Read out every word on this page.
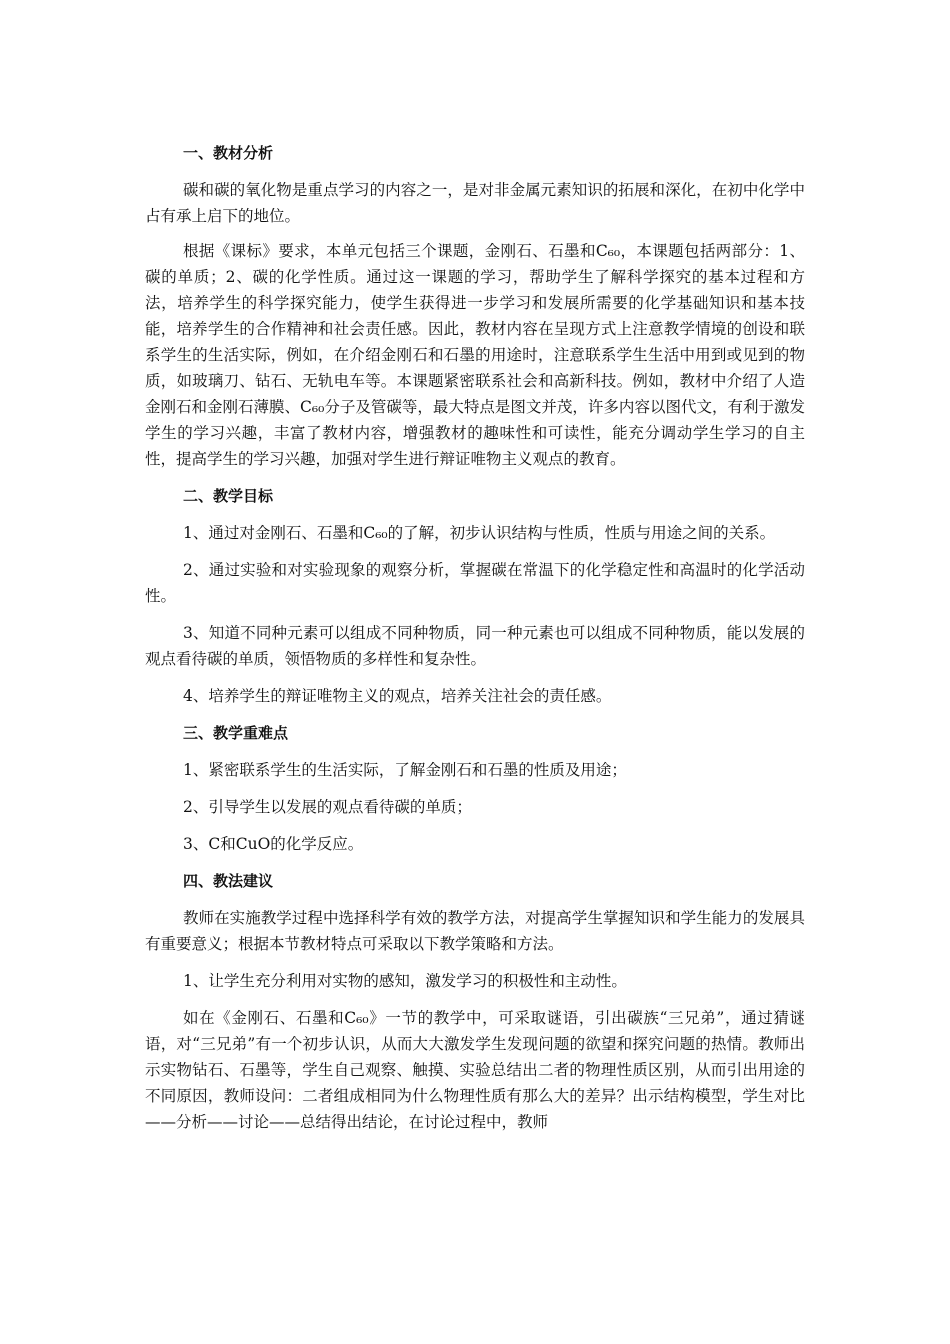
一、教材分析

碳和碳的氧化物是重点学习的内容之一，是对非金属元素知识的拓展和深化，在初中化学中占有承上启下的地位。

根据《课标》要求，本单元包括三个课题，金刚石、石墨和C₆₀，本课题包括两部分：1、碳的单质；2、碳的化学性质。通过这一课题的学习，帮助学生了解科学探究的基本过程和方法，培养学生的科学探究能力，使学生获得进一步学习和发展所需要的化学基础知识和基本技能，培养学生的合作精神和社会责任感。因此，教材内容在呈现方式上注意教学情境的创设和联系学生的生活实际，例如，在介绍金刚石和石墨的用途时，注意联系学生生活中用到或见到的物质，如玻璃刀、钻石、无轨电车等。本课题紧密联系社会和高新科技。例如，教材中介绍了人造金刚石和金刚石薄膜、C₆₀分子及管碳等，最大特点是图文并茂，许多内容以图代文，有利于激发学生的学习兴趣，丰富了教材内容，增强教材的趣味性和可读性，能充分调动学生学习的自主性，提高学生的学习兴趣，加强对学生进行辩证唯物主义观点的教育。

二、教学目标

1、通过对金刚石、石墨和C₆₀的了解，初步认识结构与性质，性质与用途之间的关系。

2、通过实验和对实验现象的观察分析，掌握碳在常温下的化学稳定性和高温时的化学活动性。

3、知道不同种元素可以组成不同种物质，同一种元素也可以组成不同种物质，能以发展的观点看待碳的单质，领悟物质的多样性和复杂性。

4、培养学生的辩证唯物主义的观点，培养关注社会的责任感。

三、教学重难点

1、紧密联系学生的生活实际，了解金刚石和石墨的性质及用途；

2、引导学生以发展的观点看待碳的单质；

3、C和CuO的化学反应。

四、教法建议

教师在实施教学过程中选择科学有效的教学方法，对提高学生掌握知识和学生能力的发展具有重要意义；根据本节教材特点可采取以下教学策略和方法。

1、让学生充分利用对实物的感知，激发学习的积极性和主动性。

如在《金刚石、石墨和C₆₀》一节的教学中，可采取谜语，引出碳族“三兄弟”，通过猜谜语，对“三兄弟”有一个初步认识，从而大大激发学生发现问题的欲望和探究问题的热情。教师出示实物钻石、石墨等，学生自己观察、触摸、实验总结出二者的物理性质区别，从而引出用途的不同原因，教师设问：二者组成相同为什么物理性质有那么大的差异？出示结构模型，学生对比——分析——讨论——总结得出结论，在讨论过程中，教师
